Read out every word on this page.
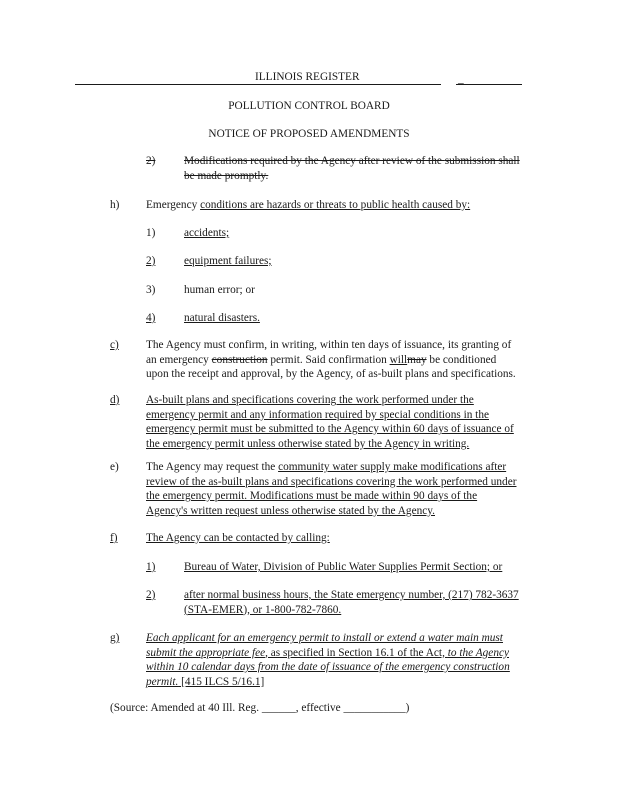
ILLINOIS REGISTER	_
POLLUTION CONTROL BOARD
NOTICE OF PROPOSED AMENDMENTS
2)	Modifications required by the Agency after review of the submission shall
be made promptly.
h) Emergency conditions are hazards or threats to public health caused by:
1)	accidents;
2)	equipment failures;
3)	human error; or
4)	natural disasters.
c) The Agency must confirm, in writing, within ten days of issuance, its granting of
an emergency construction permit. Said confirmation willmay be conditioned
upon the receipt and approval, by the Agency, of as-built plans and specifications.
d) As-built plans and specifications covering the work performed under the
emergency permit and any information required by special conditions in the
emergency permit must be submitted to the Agency within 60 days of issuance of
the emergency permit unless otherwise stated by the Agency in writing.
e) The Agency may request the community water supply make modifications after
review of the as-built plans and specifications covering the work performed under
the emergency permit. Modifications must be made within 90 days of the
Agency's written request unless otherwise stated by the Agency.
f)	The Agency can be contacted by calling:
1)	Bureau of Water, Division of Public Water Supplies Permit Section; or
2)	after normal business hours, the State emergency number, (217) 782-3637
(STA-EMER), or 1-800-782-7860.
g) Each applicant for an emergency permit to install or extend a water main must
submit the appropriate fee, as specified in Section 16.1 of the Act, to the Agency
within 10 calendar days from the date of issuance of the emergency construction
permit. [415 ILCS 5/16.1]
(Source: Amended at 40 Ill. Reg. ______, effective ___________)
